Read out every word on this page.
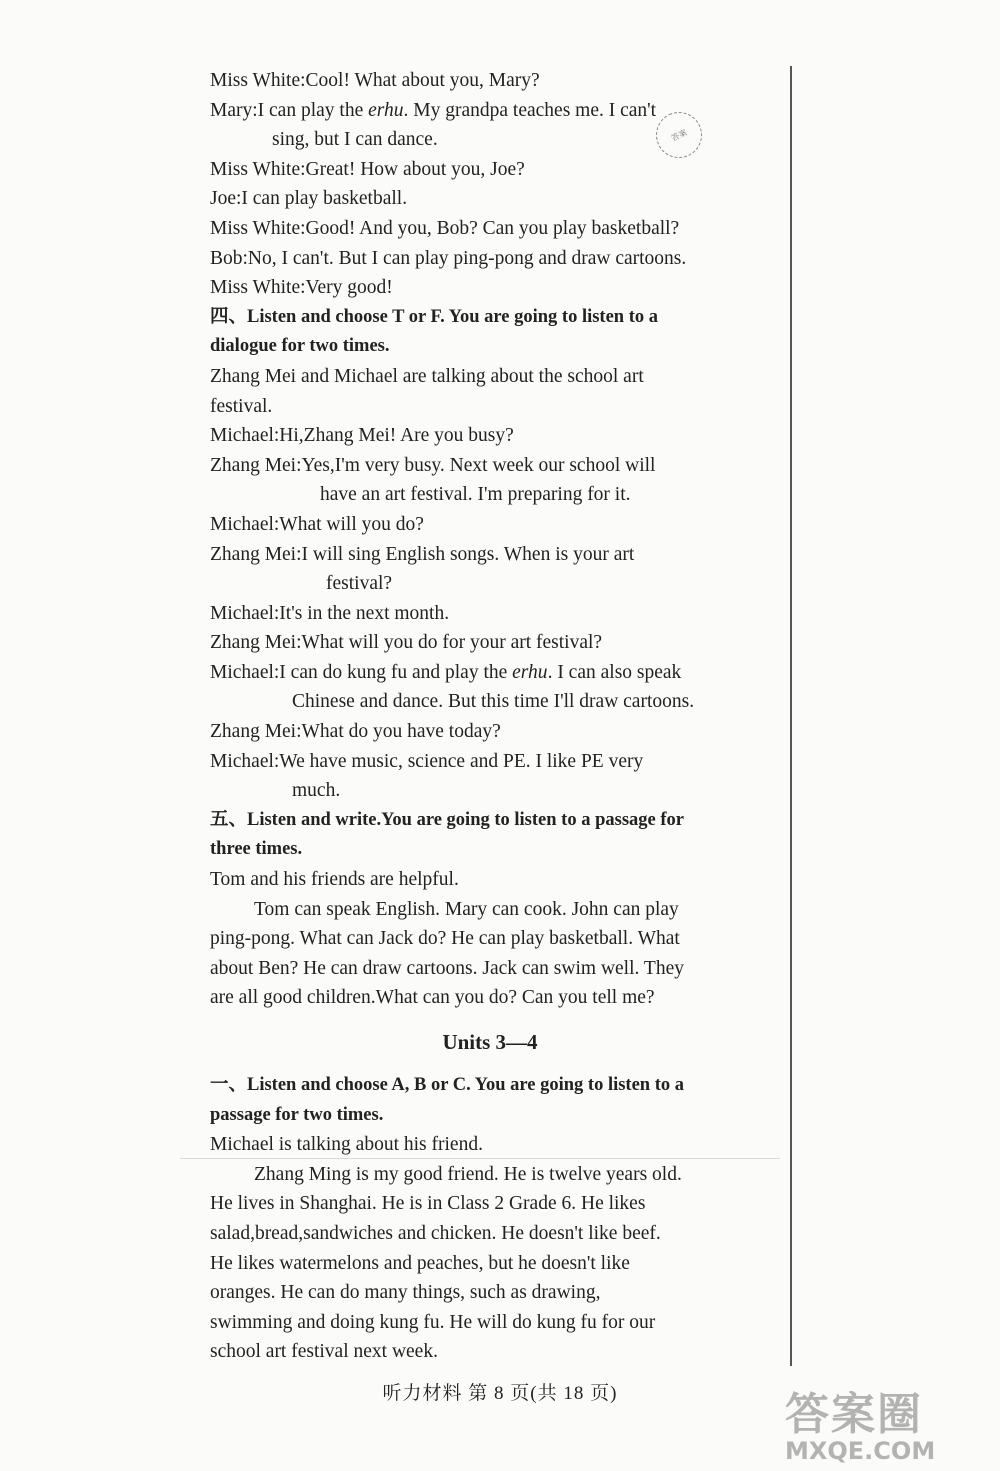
答案
Miss White:Cool! What about you, Mary?
Mary:I can play the erhu. My grandpa teaches me. I can't
sing, but I can dance.
Miss White:Great! How about you, Joe?
Joe:I can play basketball.
Miss White:Good! And you, Bob? Can you play basketball?
Bob:No, I can't. But I can play ping-pong and draw cartoons.
Miss White:Very good!
四、Listen and choose T or F. You are going to listen to a
dialogue for two times.
Zhang Mei and Michael are talking about the school art
festival.
Michael:Hi,Zhang Mei! Are you busy?
Zhang Mei:Yes,I'm very busy. Next week our school will
have an art festival. I'm preparing for it.
Michael:What will you do?
Zhang Mei:I will sing English songs. When is your art
festival?
Michael:It's in the next month.
Zhang Mei:What will you do for your art festival?
Michael:I can do kung fu and play the erhu. I can also speak
Chinese and dance. But this time I'll draw cartoons.
Zhang Mei:What do you have today?
Michael:We have music, science and PE. I like PE very
much.
五、Listen and write.You are going to listen to a passage for
three times.
Tom and his friends are helpful.
Tom can speak English. Mary can cook. John can play
ping-pong. What can Jack do? He can play basketball. What
about Ben? He can draw cartoons. Jack can swim well. They
are all good children.What can you do? Can you tell me?
Units 3—4
一、Listen and choose A, B or C. You are going to listen to a
passage for two times.
Michael is talking about his friend.
Zhang Ming is my good friend. He is twelve years old.
He lives in Shanghai. He is in Class 2 Grade 6. He likes
salad,bread,sandwiches and chicken. He doesn't like beef.
He likes watermelons and peaches, but he doesn't like
oranges. He can do many things, such as drawing,
swimming and doing kung fu. He will do kung fu for our
school art festival next week.
听力材料 第 8 页(共 18 页)	答案圈
MXQE.COM
